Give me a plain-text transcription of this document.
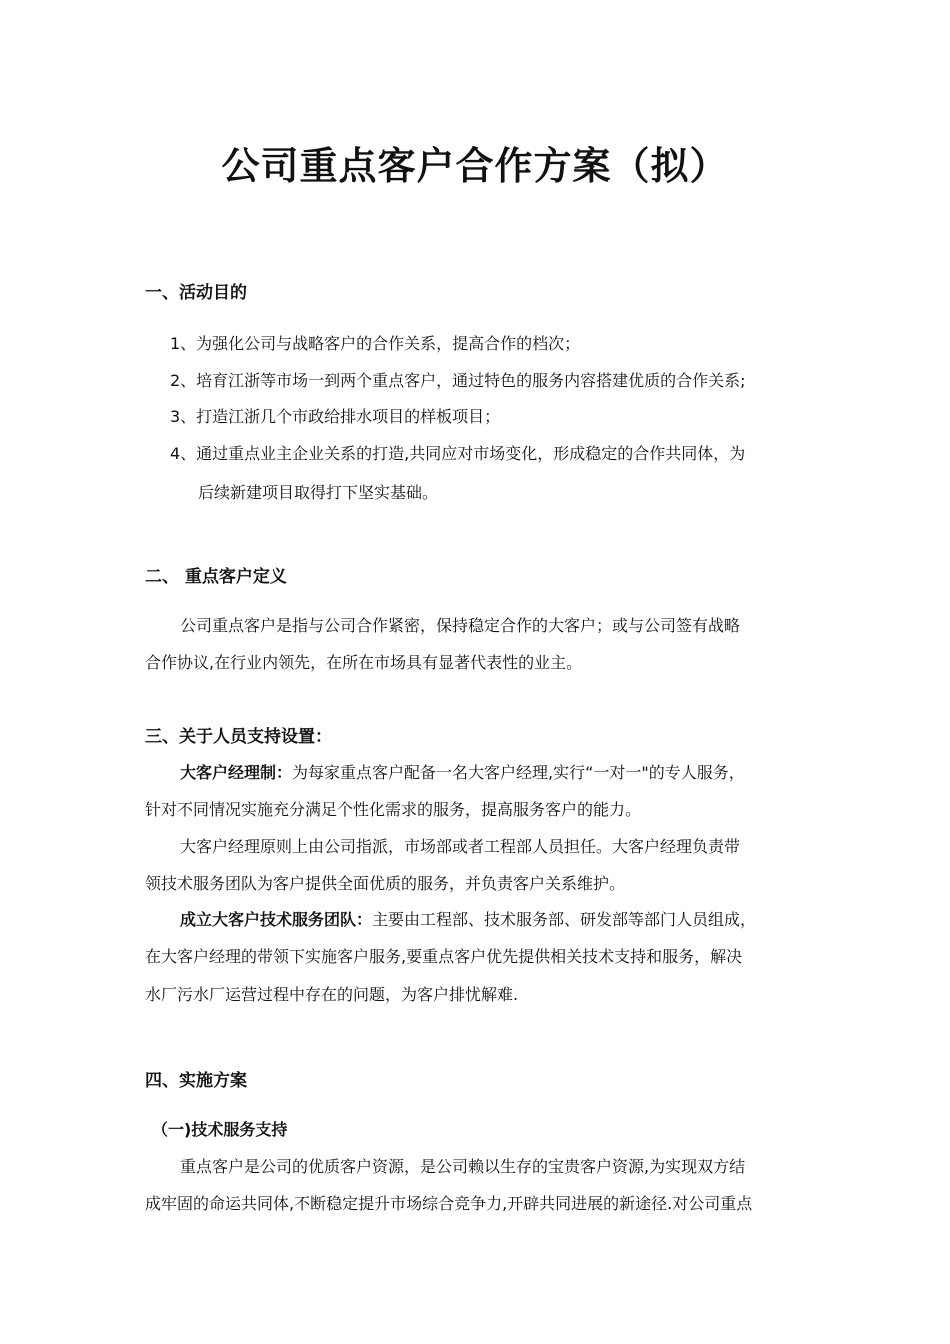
公司重点客户合作方案（拟）
一、活动目的
1、为强化公司与战略客户的合作关系，提高合作的档次；
2、培育江浙等市场一到两个重点客户，通过特色的服务内容搭建优质的合作关系;
3、打造江浙几个市政给排水项目的样板项目；
4、通过重点业主企业关系的打造,共同应对市场变化，形成稳定的合作共同体，为
后续新建项目取得打下坚实基础。
二、 重点客户定义
公司重点客户是指与公司合作紧密，保持稳定合作的大客户；或与公司签有战略
合作协议,在行业内领先，在所在市场具有显著代表性的业主。
三、关于人员支持设置：
大客户经理制：为每家重点客户配备一名大客户经理,实行“一对一"的专人服务，
针对不同情况实施充分满足个性化需求的服务，提高服务客户的能力。
大客户经理原则上由公司指派，市场部或者工程部人员担任。大客户经理负责带
领技术服务团队为客户提供全面优质的服务，并负责客户关系维护。
成立大客户技术服务团队：主要由工程部、技术服务部、研发部等部门人员组成，
在大客户经理的带领下实施客户服务,要重点客户优先提供相关技术支持和服务，解决
水厂污水厂运营过程中存在的问题，为客户排忧解难.
四、实施方案
（一)技术服务支持
重点客户是公司的优质客户资源，是公司赖以生存的宝贵客户资源,为实现双方结
成牢固的命运共同体,不断稳定提升市场综合竞争力,开辟共同进展的新途径.对公司重点
